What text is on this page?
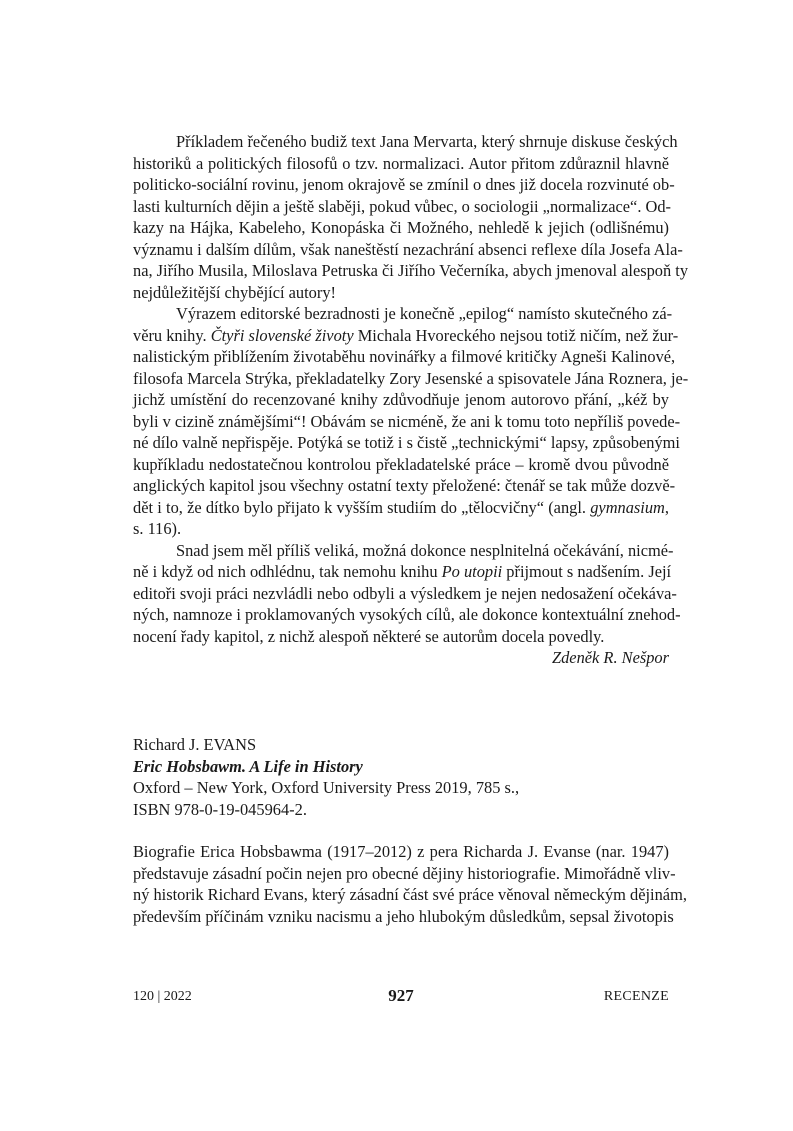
Příkladem řečeného budiž text Jana Mervarta, který shrnuje diskuse českých
historiků a politických filosofů o tzv. normalizaci. Autor přitom zdůraznil hlavně
politicko-sociální rovinu, jenom okrajově se zmínil o dnes již docela rozvinuté ob-
lasti kulturních dějin a ještě slaběji, pokud vůbec, o sociologii „normalizace“. Od-
kazy na Hájka, Kabeleho, Konopáska či Možného, nehledě k jejich (odlišnému)
významu i dalším dílům, však naneštěstí nezachrání absenci reflexe díla Josefa Ala-
na, Jiřího Musila, Miloslava Petruska či Jiřího Večerníka, abych jmenoval alespoň ty
nejdůležitější chybějící autory!
Výrazem editorské bezradnosti je konečně „epilog“ namísto skutečného zá-
věru knihy. Čtyři slovenské životy Michala Hvoreckého nejsou totiž ničím, než žur-
nalistickým přiblížením životaběhu novinářky a filmové kritičky Agneši Kalinové,
filosofa Marcela Strýka, překladatelky Zory Jesenské a spisovatele Jána Roznera, je-
jichž umístění do recenzované knihy zdůvodňuje jenom autorovo přání, „kéž by
byli v cizině známějšími“! Obávám se nicméně, že ani k tomu toto nepříliš povede-
né dílo valně nepřispěje. Potýká se totiž i s čistě „technickými“ lapsy, způsobenými
kupříkladu nedostatečnou kontrolou překladatelské práce – kromě dvou původně
anglických kapitol jsou všechny ostatní texty přeložené: čtenář se tak může dozvě-
dět i to, že dítko bylo přijato k vyšším studiím do „tělocvičny“ (angl. gymnasium,
s. 116).
Snad jsem měl příliš veliká, možná dokonce nesplnitelná očekávání, nicmé-
ně i když od nich odhlédnu, tak nemohu knihu Po utopii přijmout s nadšením. Její
editoři svoji práci nezvládli nebo odbyli a výsledkem je nejen nedosažení očekáva-
ných, namnoze i proklamovaných vysokých cílů, ale dokonce kontextuální znehod-
nocení řady kapitol, z nichž alespoň některé se autorům docela povedly.
Zdeněk R. Nešpor
Richard J. EVANS
Eric Hobsbawm. A Life in History
Oxford – New York, Oxford University Press 2019, 785 s.,
ISBN 978-0-19-045964-2.
Biografie Erica Hobsbawma (1917–2012) z pera Richarda J. Evanse (nar. 1947)
představuje zásadní počin nejen pro obecné dějiny historiografie. Mimořádně vliv-
ný historik Richard Evans, který zásadní část své práce věnoval německým dějinám,
především příčinám vzniku nacismu a jeho hlubokým důsledkům, sepsal životopis
120 | 2022	927	RECENZE
